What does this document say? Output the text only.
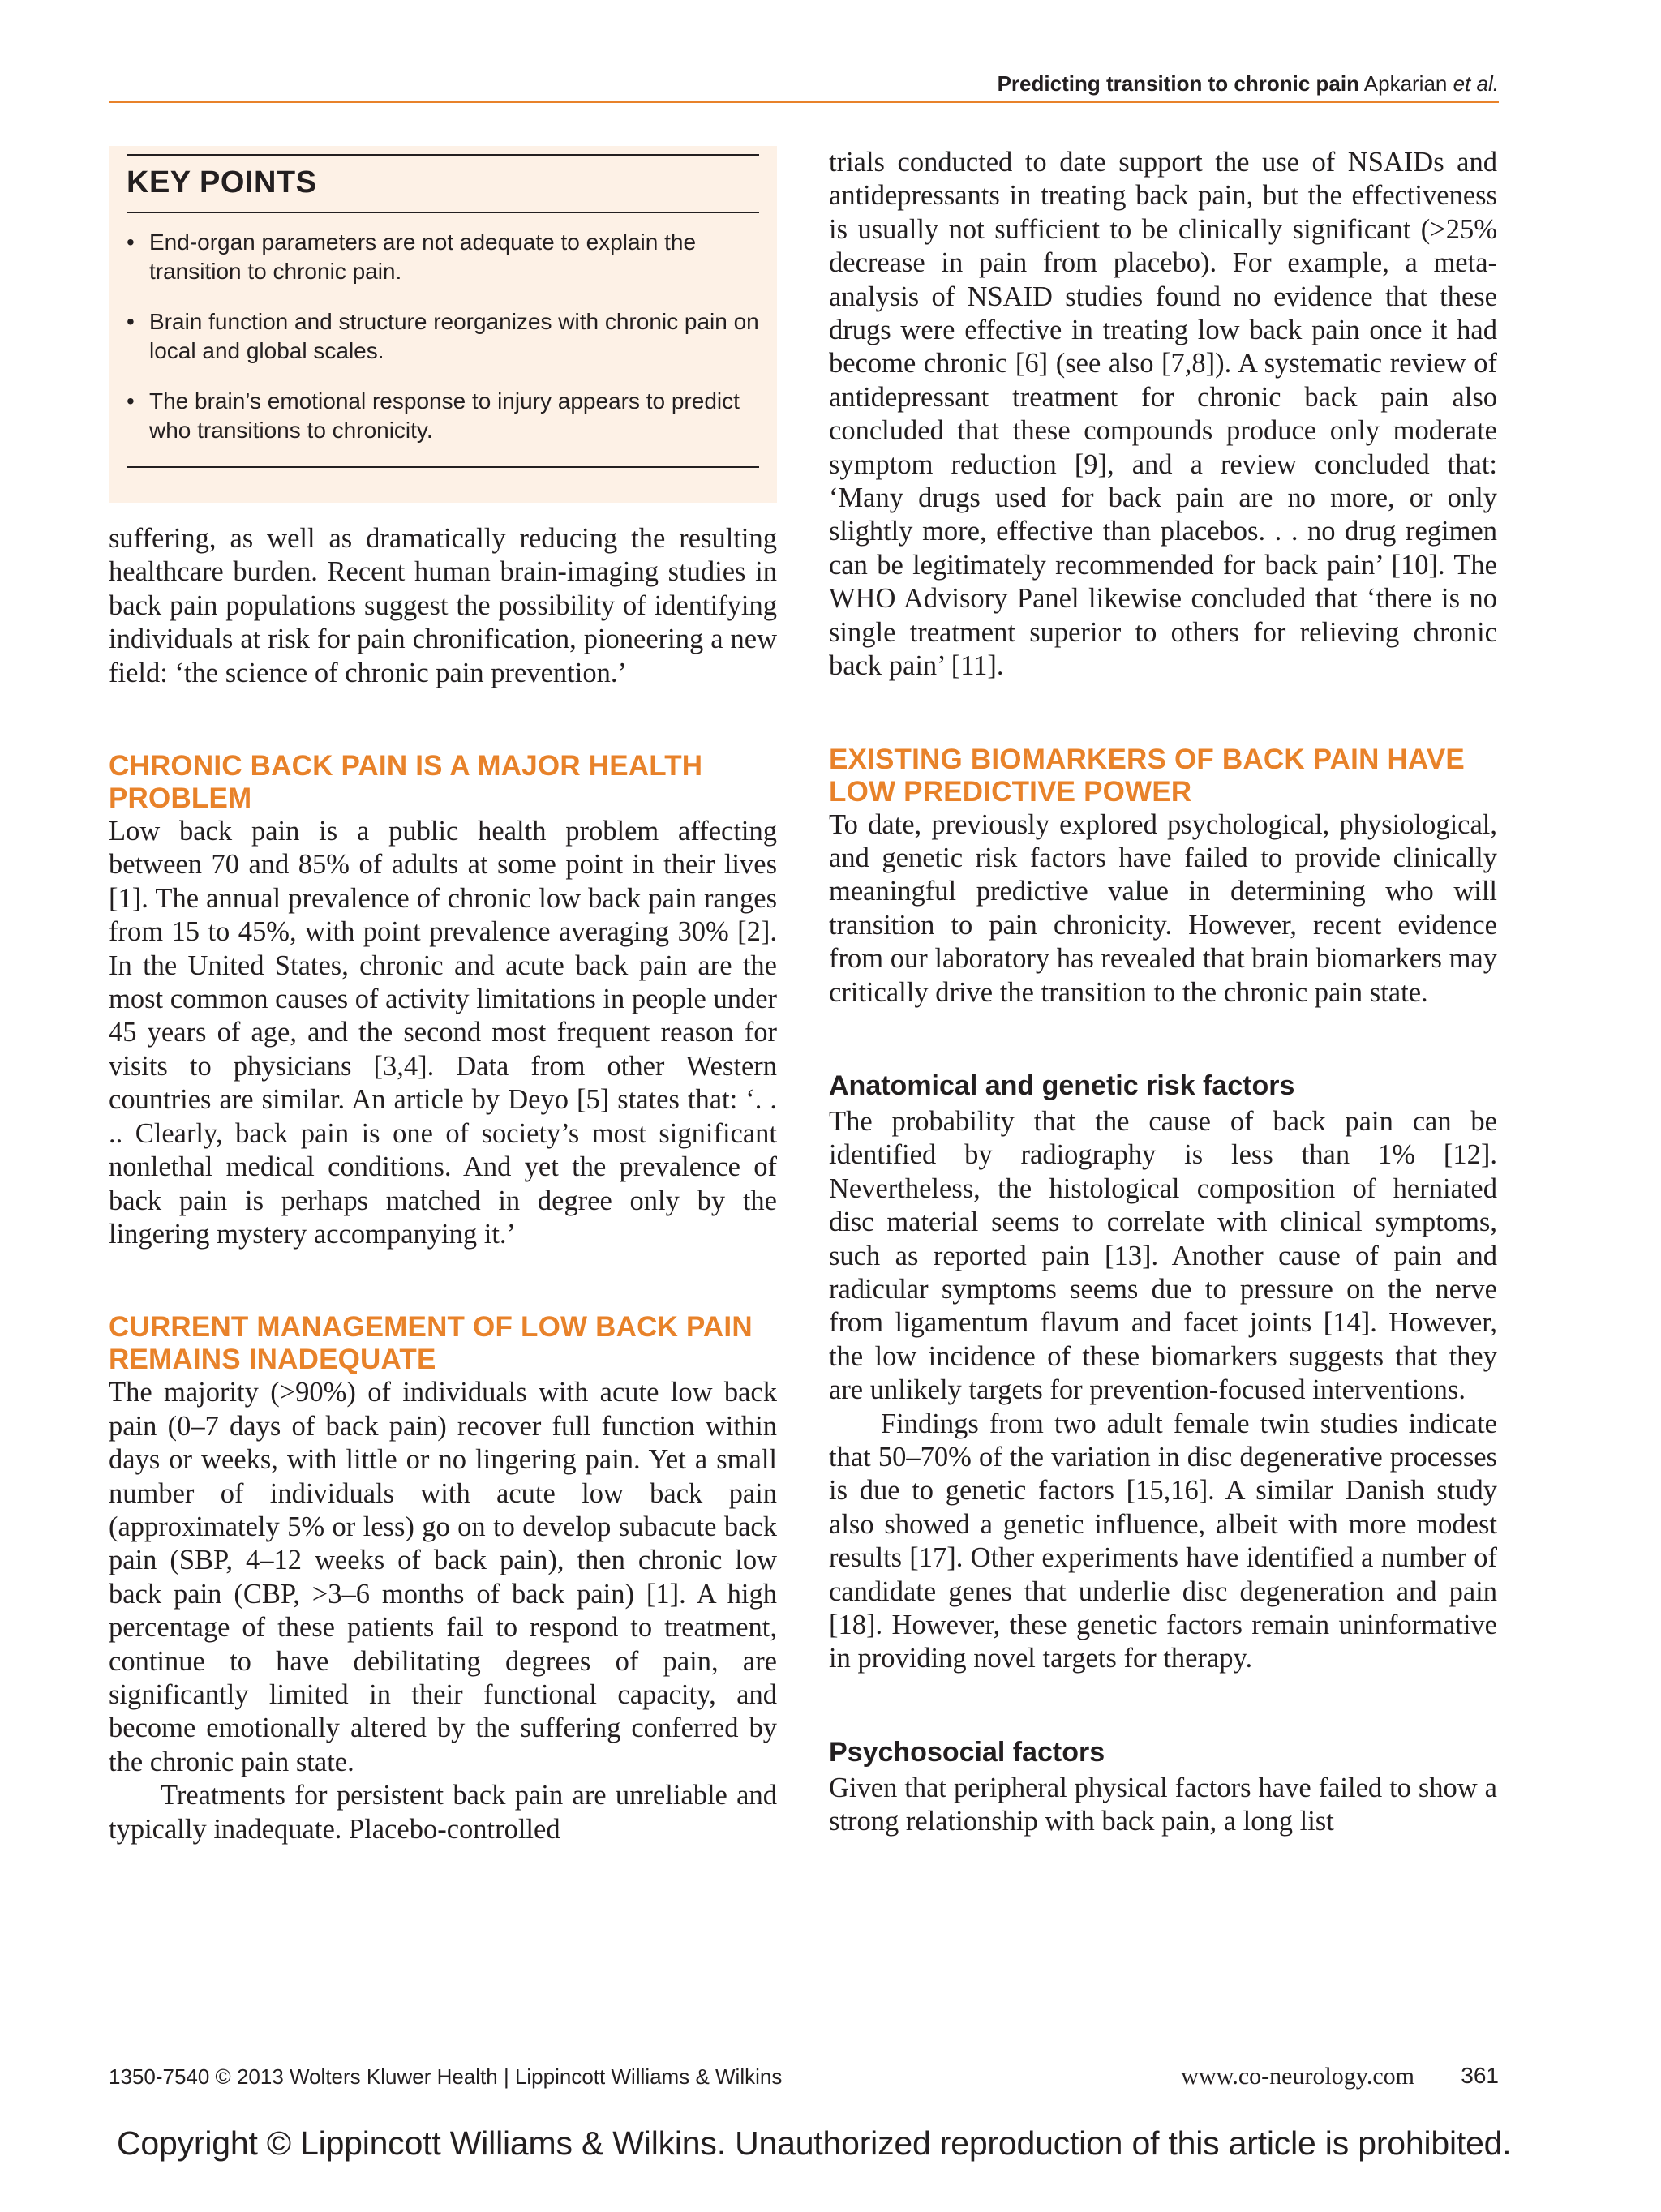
Predicting transition to chronic pain Apkarian et al.
KEY POINTS
• End-organ parameters are not adequate to explain the transition to chronic pain.
• Brain function and structure reorganizes with chronic pain on local and global scales.
• The brain’s emotional response to injury appears to predict who transitions to chronicity.

suffering, as well as dramatically reducing the resulting healthcare burden. Recent human brain-imaging studies in back pain populations suggest the possibility of identifying individuals at risk for pain chronification, pioneering a new field: ‘the science of chronic pain prevention.’

CHRONIC BACK PAIN IS A MAJOR HEALTH PROBLEM

Low back pain is a public health problem affecting between 70 and 85% of adults at some point in their lives [1]. The annual prevalence of chronic low back pain ranges from 15 to 45%, with point prevalence averaging 30% [2]. In the United States, chronic and acute back pain are the most common causes of activity limitations in people under 45 years of age, and the second most frequent reason for visits to physicians [3,4]. Data from other Western countries are similar. An article by Deyo [5] states that: ‘. . .. Clearly, back pain is one of society’s most significant nonlethal medical conditions. And yet the prevalence of back pain is perhaps matched in degree only by the lingering mystery accompanying it.’

CURRENT MANAGEMENT OF LOW BACK PAIN REMAINS INADEQUATE

The majority (>90%) of individuals with acute low back pain (0–7 days of back pain) recover full function within days or weeks, with little or no lingering pain. Yet a small number of individuals with acute low back pain (approximately 5% or less) go on to develop subacute back pain (SBP, 4–12 weeks of back pain), then chronic low back pain (CBP, >3–6 months of back pain) [1]. A high percentage of these patients fail to respond to treatment, continue to have debilitating degrees of pain, are significantly limited in their functional capacity, and become emotionally altered by the suffering conferred by the chronic pain state.

Treatments for persistent back pain are unreliable and typically inadequate. Placebo-controlled

trials conducted to date support the use of NSAIDs and antidepressants in treating back pain, but the effectiveness is usually not sufficient to be clinically significant (>25% decrease in pain from placebo). For example, a meta-analysis of NSAID studies found no evidence that these drugs were effective in treating low back pain once it had become chronic [6] (see also [7,8]). A systematic review of antidepressant treatment for chronic back pain also concluded that these compounds produce only moderate symptom reduction [9], and a review concluded that: ‘Many drugs used for back pain are no more, or only slightly more, effective than placebos. . . no drug regimen can be legitimately recommended for back pain’ [10]. The WHO Advisory Panel likewise concluded that ‘there is no single treatment superior to others for relieving chronic back pain’ [11].

EXISTING BIOMARKERS OF BACK PAIN HAVE LOW PREDICTIVE POWER

To date, previously explored psychological, physiological, and genetic risk factors have failed to provide clinically meaningful predictive value in determining who will transition to pain chronicity. However, recent evidence from our laboratory has revealed that brain biomarkers may critically drive the transition to the chronic pain state.

Anatomical and genetic risk factors

The probability that the cause of back pain can be identified by radiography is less than 1% [12]. Nevertheless, the histological composition of herniated disc material seems to correlate with clinical symptoms, such as reported pain [13]. Another cause of pain and radicular symptoms seems due to pressure on the nerve from ligamentum flavum and facet joints [14]. However, the low incidence of these biomarkers suggests that they are unlikely targets for prevention-focused interventions.

Findings from two adult female twin studies indicate that 50–70% of the variation in disc degenerative processes is due to genetic factors [15,16]. A similar Danish study also showed a genetic influence, albeit with more modest results [17]. Other experiments have identified a number of candidate genes that underlie disc degeneration and pain [18]. However, these genetic factors remain uninformative in providing novel targets for therapy.

Psychosocial factors

Given that peripheral physical factors have failed to show a strong relationship with back pain, a long list

1350-7540 © 2013 Wolters Kluwer Health | Lippincott Williams & Wilkins	www.co-neurology.com 361
Copyright © Lippincott Williams & Wilkins. Unauthorized reproduction of this article is prohibited.
